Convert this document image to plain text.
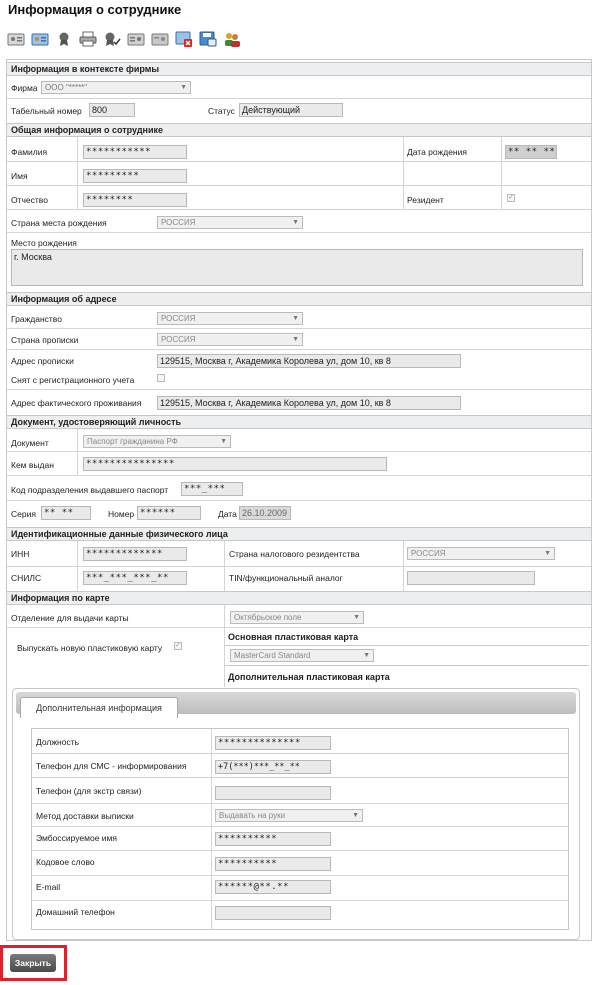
Информация о сотруднике
Информация в контексте фирмы
Фирма ООО "*****"	▼
Табельный номер	800	Статус Действующий
Общая информация о сотруднике
Фамилия	***********	Дата рождения	** ** **
Имя	*********
Отчество	********	Резидент	✓
Страна места рождения	РОССИЯ	▼
Место рождения
г. Москва
Информация об адресе
Гражданство	РОССИЯ	▼
Страна прописки	РОССИЯ	▼
Адрес прописки	129515, Москва г, Академика Королева ул, дом 10, кв 8
Снят с регистрационного учета
Адрес фактического проживания	129515, Москва г, Академика Королева ул, дом 10, кв 8
Документ, удостоверяющий личность
Документ	Паспорт гражданина РФ	▼
Кем выдан	***************
Код подразделения выдавшего паспорт	***_***
Серия ** **	Номер ******	Дата 26.10.2009
Идентификационные данные физического лица
ИНН	*************	Страна налогового резидентства	РОССИЯ	▼
СНИЛС	***_***_***_**	TIN/функциональный аналог
Информация по карте
Отделение для выдачи карты	Октябрьское поле	▼
Выпускать новую пластиковую карту ✓
Основная пластиковая карта
MasterCard Standard	▼
Дополнительная пластиковая карта
Дополнительная информация
Должность	**************
Телефон для СМС - информирования	+7(***)***_**_**
Телефон (для экстр связи)
Метод доставки выписки	Выдавать на руки	▼
Эмбоссируемое имя	**********
Кодовое слово	**********
E-mail	******@**.**
Домашний телефон
Закрыть
